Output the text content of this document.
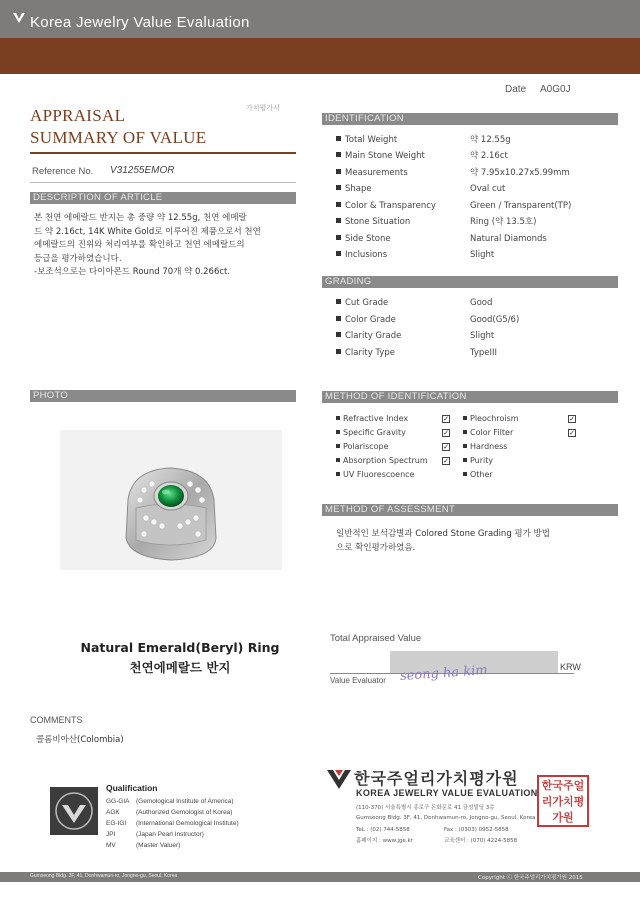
Korea Jewelry Value Evaluation
Date A0G0J
APPRAISAL
SUMMARY OF VALUE
가치평가서
Reference No. V31255EMOR
DESCRIPTION OF ARTICLE
본 천연 에메랄드 반지는 총 중량 약 12.55g, 천연 에메랄
드 약 2.16ct, 14K White Gold로 이루어진 제품으로서 천연
에메랄드의 진위와 처리여부를 확인하고 천연 에메랄드의
등급을 평가하였습니다.
-보조석으로는 다이아몬드 Round 70개 약 0.266ct.
IDENTIFICATION
Total Weight	약 12.55g
Main Stone Weight	약 2.16ct
Measurements	약 7.95x10.27x5.99mm
Shape	Oval cut
Color & Transparency	Green / Transparent(TP)
Stone Situation	Ring (약 13.5호)
Side Stone	Natural Diamonds
Inclusions	Slight
GRADING
Cut Grade	Good
Color Grade	Good(G5/6)
Clarity Grade	Slight
Clarity Type	TypeIII
PHOTO
Natural Emerald(Beryl) Ring
천연에메랄드 반지
METHOD OF IDENTIFICATION
Refractive Index	✓
Specific Gravity	✓
Polariscope	✓
Absorption Spectrum ✓
UV Fluorescoence
Pleochroism	✓
Color Filter	✓
Hardness
Purity
Other
METHOD OF ASSESSMENT
일반적인 보석감별과 Colored Stone Grading 평가 방법
으로 확인평가하였음.
Total Appraised Value
KRW
Value Evaluator seong ha kim
COMMENTS
콜롬비아산(Colombia)
Qualification
GG-GIA (Gemological Institute of America)
AGK	(Authorized Gemologist of Korea)
EG-IGI (International Gemological Institute)
JPI	(Japan Pearl Instructor)
MV	(Master Valuer)
한국주얼리가치평가원
KOREA JEWELRY VALUE EVALUATION
(110-370) 서울특별시 종로구 돈화문로 41 금성빌딩 3층
Gumseong Bldg. 3F, 41, Donhwamun-ro, Jongno-gu, Seoul, Korea
TeL : (02) 744-5858	Fax : (0303) 0952-5858
홈페이지 : www.jge.kr	교육센터 : (070) 4224-5858
한국주얼리가치평가원
Gumseong Bldg. 3F, 41, Donhwamun-ro, Jongno-gu, Seoul, Korea	Copyright ⓒ 한국주얼리가치평가원 2015
